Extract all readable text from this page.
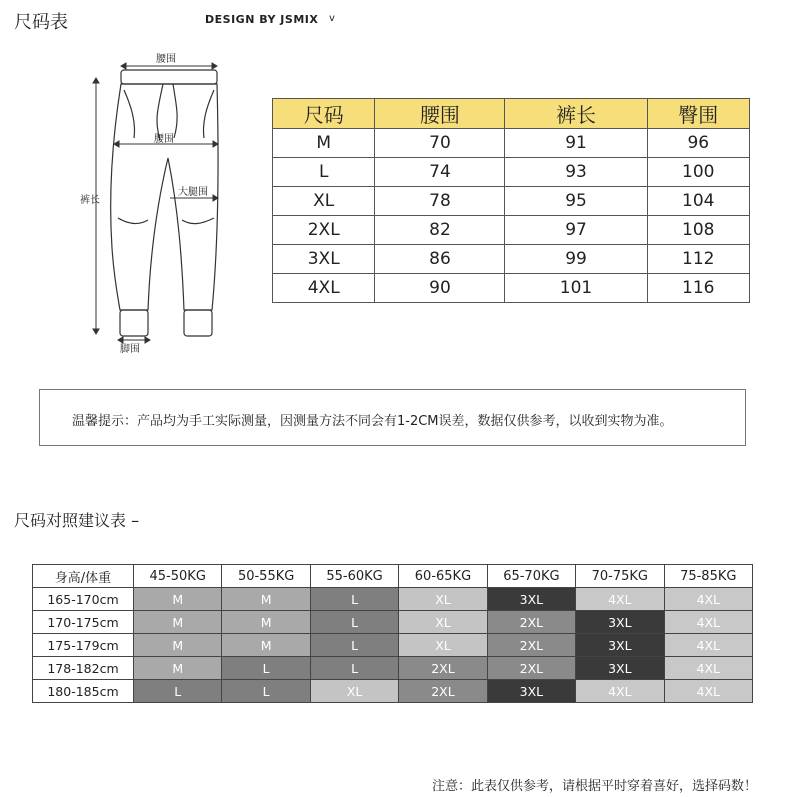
尺码表	DESIGN BY JSMIX v
腰围
腰围
大腿围
裤长
脚围
尺码	腰围	裤长	臀围
M	70	91	96
L	74	93	100
XL	78	95	104
2XL	82	97	108
3XL	86	99	112
4XL	90	101	116
温馨提示：产品均为手工实际测量，因测量方法不同会有1-2CM误差，数据仅供参考，以收到实物为准。
尺码对照建议表 –
身高/体重	45-50KG	50-55KG	55-60KG	60-65KG	65-70KG	70-75KG	75-85KG
165-170cm	M	M	L	XL	3XL	4XL	4XL
170-175cm	M	M	L	XL	2XL	3XL	4XL
175-179cm	M	M	L	XL	2XL	3XL	4XL
178-182cm	M	L	L	2XL	2XL	3XL	4XL
180-185cm	L	L	XL	2XL	3XL	4XL	4XL
注意：此表仅供参考，请根据平时穿着喜好，选择码数！
